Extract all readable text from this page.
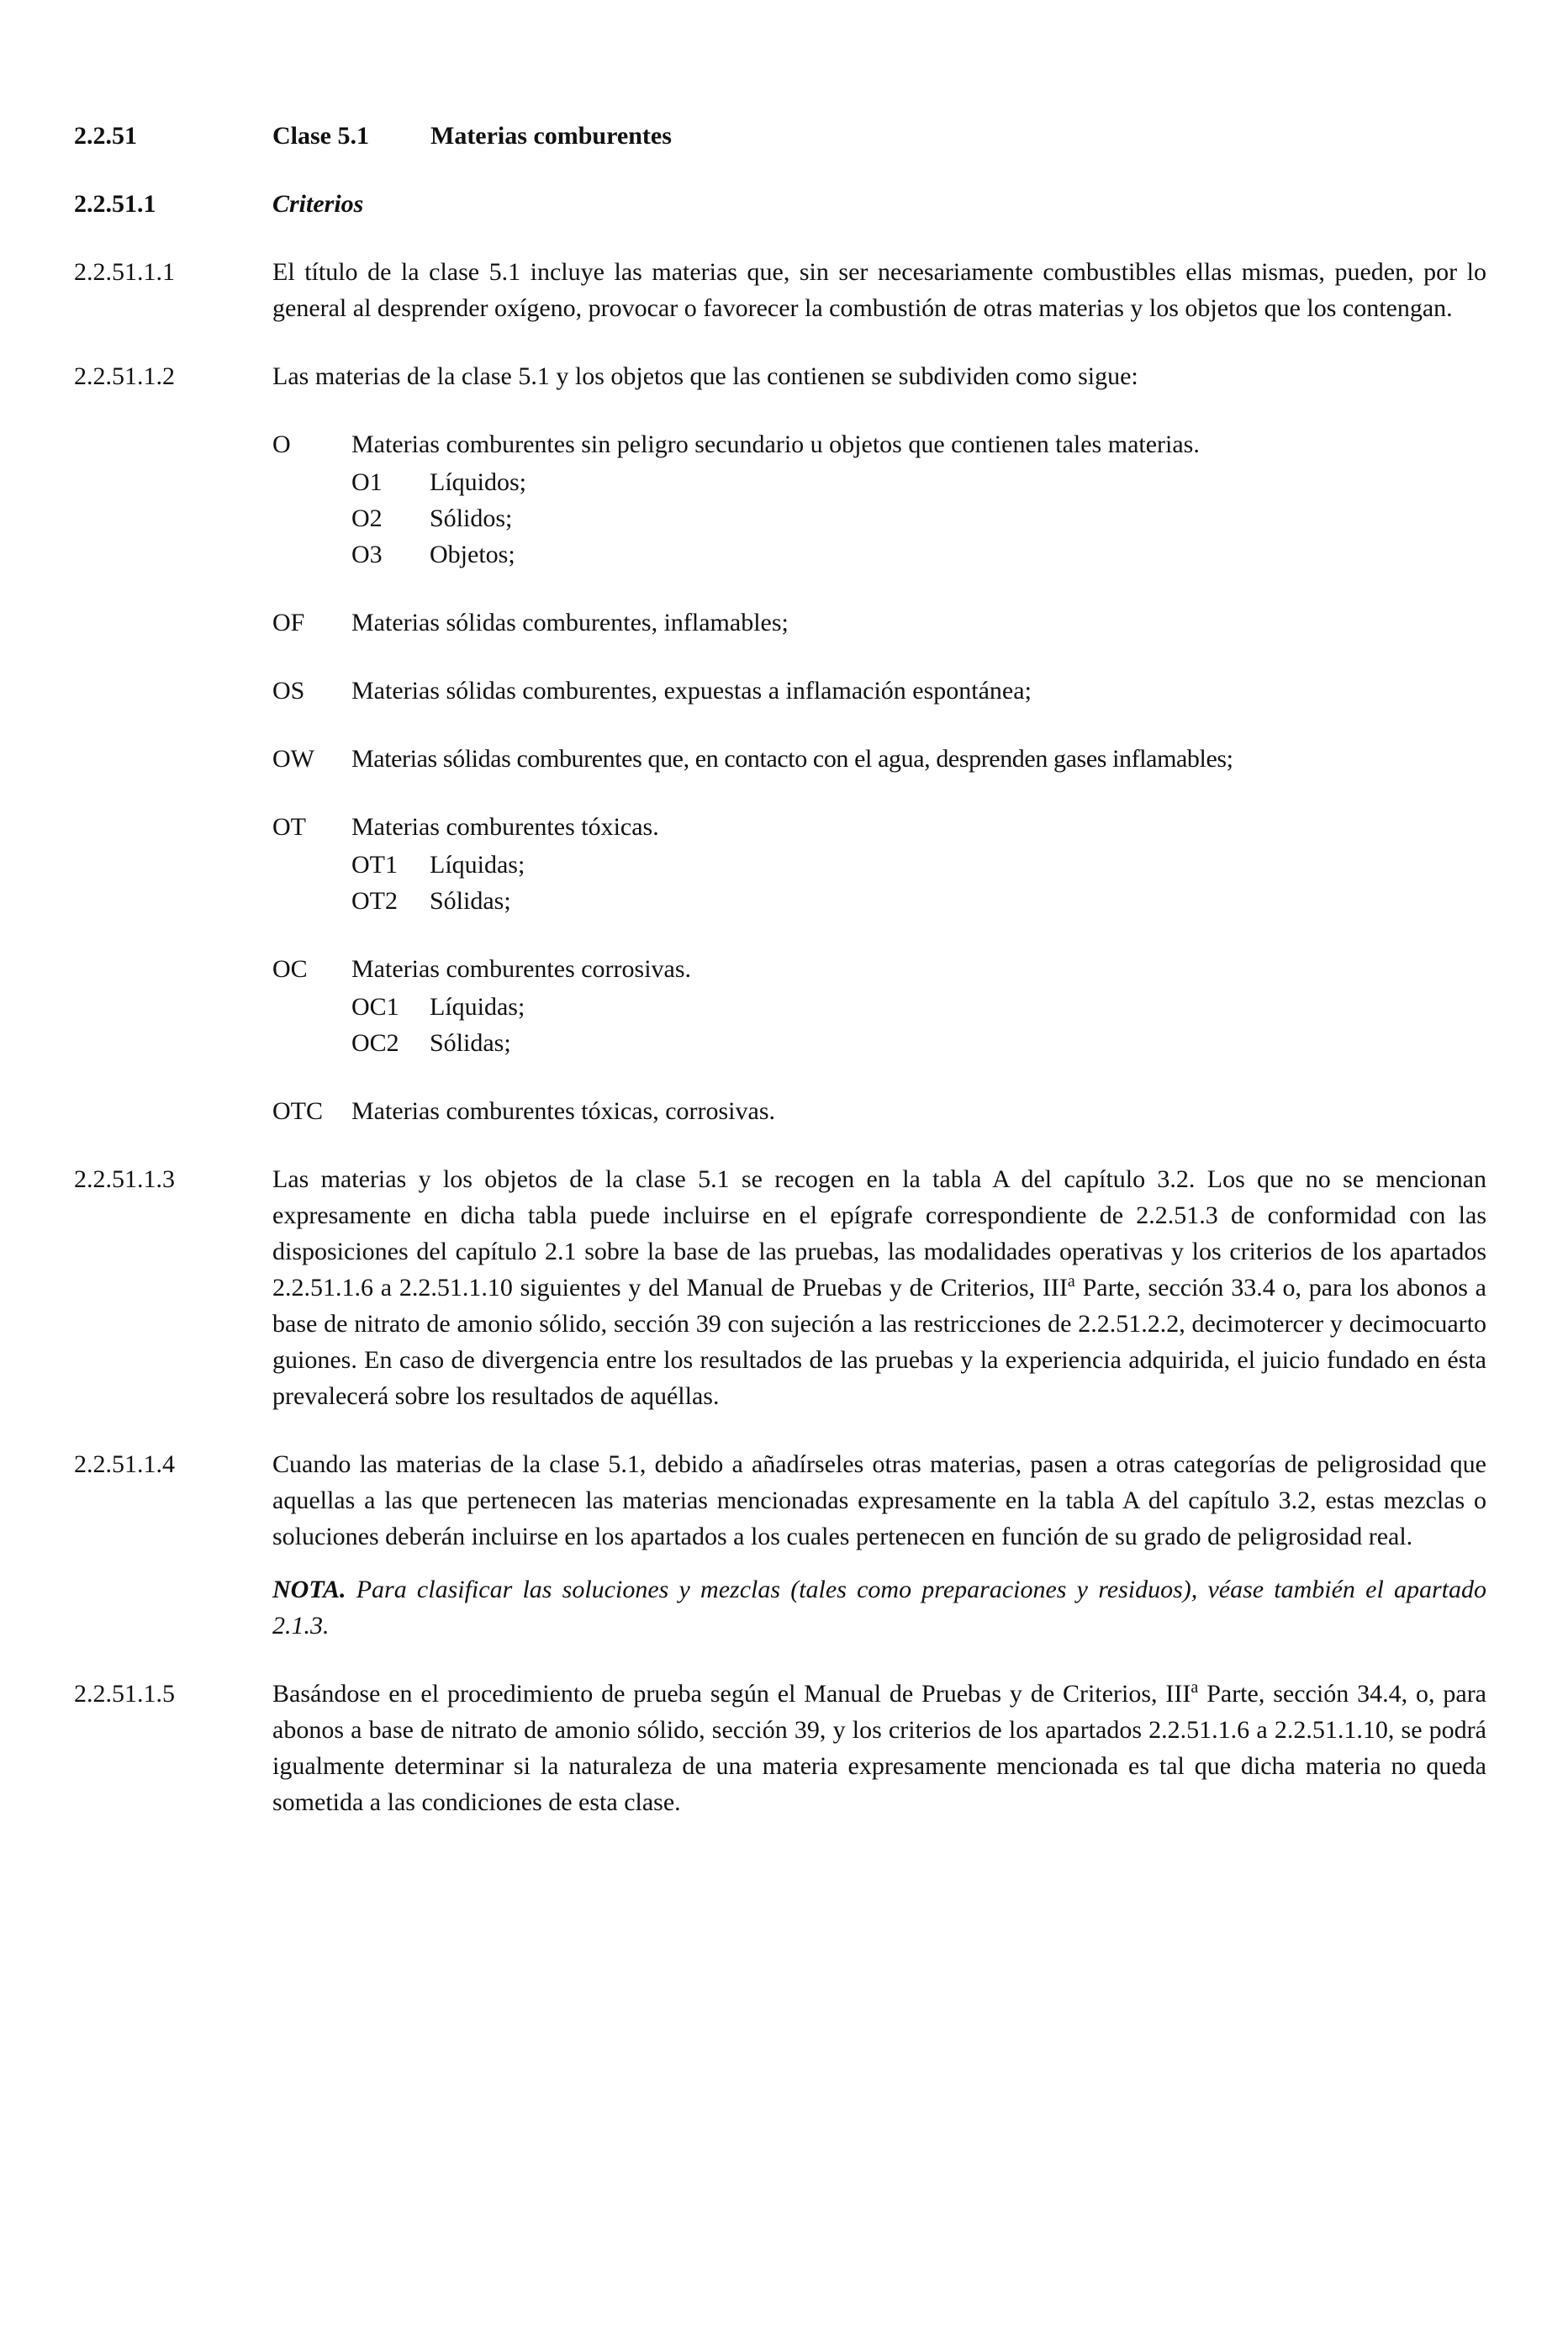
2.2.51	Clase 5.1 Materias comburentes
2.2.51.1	Criterios
2.2.51.1.1	El título de la clase 5.1 incluye las materias que, sin ser necesariamente combustibles ellas mismas, pueden, por lo general al desprender oxígeno, provocar o favorecer la combustión de otras materias y los objetos que los contengan.
2.2.51.1.2	Las materias de la clase 5.1 y los objetos que las contienen se subdividen como sigue:
O	Materias comburentes sin peligro secundario u objetos que contienen tales materias.
O1	Líquidos;
O2	Sólidos;
O3	Objetos;
OF	Materias sólidas comburentes, inflamables;
OS	Materias sólidas comburentes, expuestas a inflamación espontánea;
OW	Materias sólidas comburentes que, en contacto con el agua, desprenden gases inflamables;
OT	Materias comburentes tóxicas.
OT1	Líquidas;
OT2	Sólidas;
OC	Materias comburentes corrosivas.
OC1	Líquidas;
OC2	Sólidas;
OTC	Materias comburentes tóxicas, corrosivas.
2.2.51.1.3	Las materias y los objetos de la clase 5.1 se recogen en la tabla A del capítulo 3.2. Los que no se mencionan expresamente en dicha tabla puede incluirse en el epígrafe correspondiente de 2.2.51.3 de conformidad con las disposiciones del capítulo 2.1 sobre la base de las pruebas, las modalidades operativas y los criterios de los apartados 2.2.51.1.6 a 2.2.51.1.10 siguientes y del Manual de Pruebas y de Criterios, III$^a$ Parte, sección 33.4 o, para los abonos a base de nitrato de amonio sólido, sección 39 con sujeción a las restricciones de 2.2.51.2.2, decimotercer y decimocuarto guiones. En caso de divergencia entre los resultados de las pruebas y la experiencia adquirida, el juicio fundado en ésta prevalecerá sobre los resultados de aquéllas.
2.2.51.1.4	Cuando las materias de la clase 5.1, debido a añadírseles otras materias, pasen a otras categorías de peligrosidad que aquellas a las que pertenecen las materias mencionadas expresamente en la tabla A del capítulo 3.2, estas mezclas o soluciones deberán incluirse en los apartados a los cuales pertenecen en función de su grado de peligrosidad real.
NOTA. Para clasificar las soluciones y mezclas (tales como preparaciones y residuos), véase también el apartado 2.1.3.
2.2.51.1.5	Basándose en el procedimiento de prueba según el Manual de Pruebas y de Criterios, III$^a$ Parte, sección 34.4, o, para abonos a base de nitrato de amonio sólido, sección 39, y los criterios de los apartados 2.2.51.1.6 a 2.2.51.1.10, se podrá igualmente determinar si la naturaleza de una materia expresamente mencionada es tal que dicha materia no queda sometida a las condiciones de esta clase.
